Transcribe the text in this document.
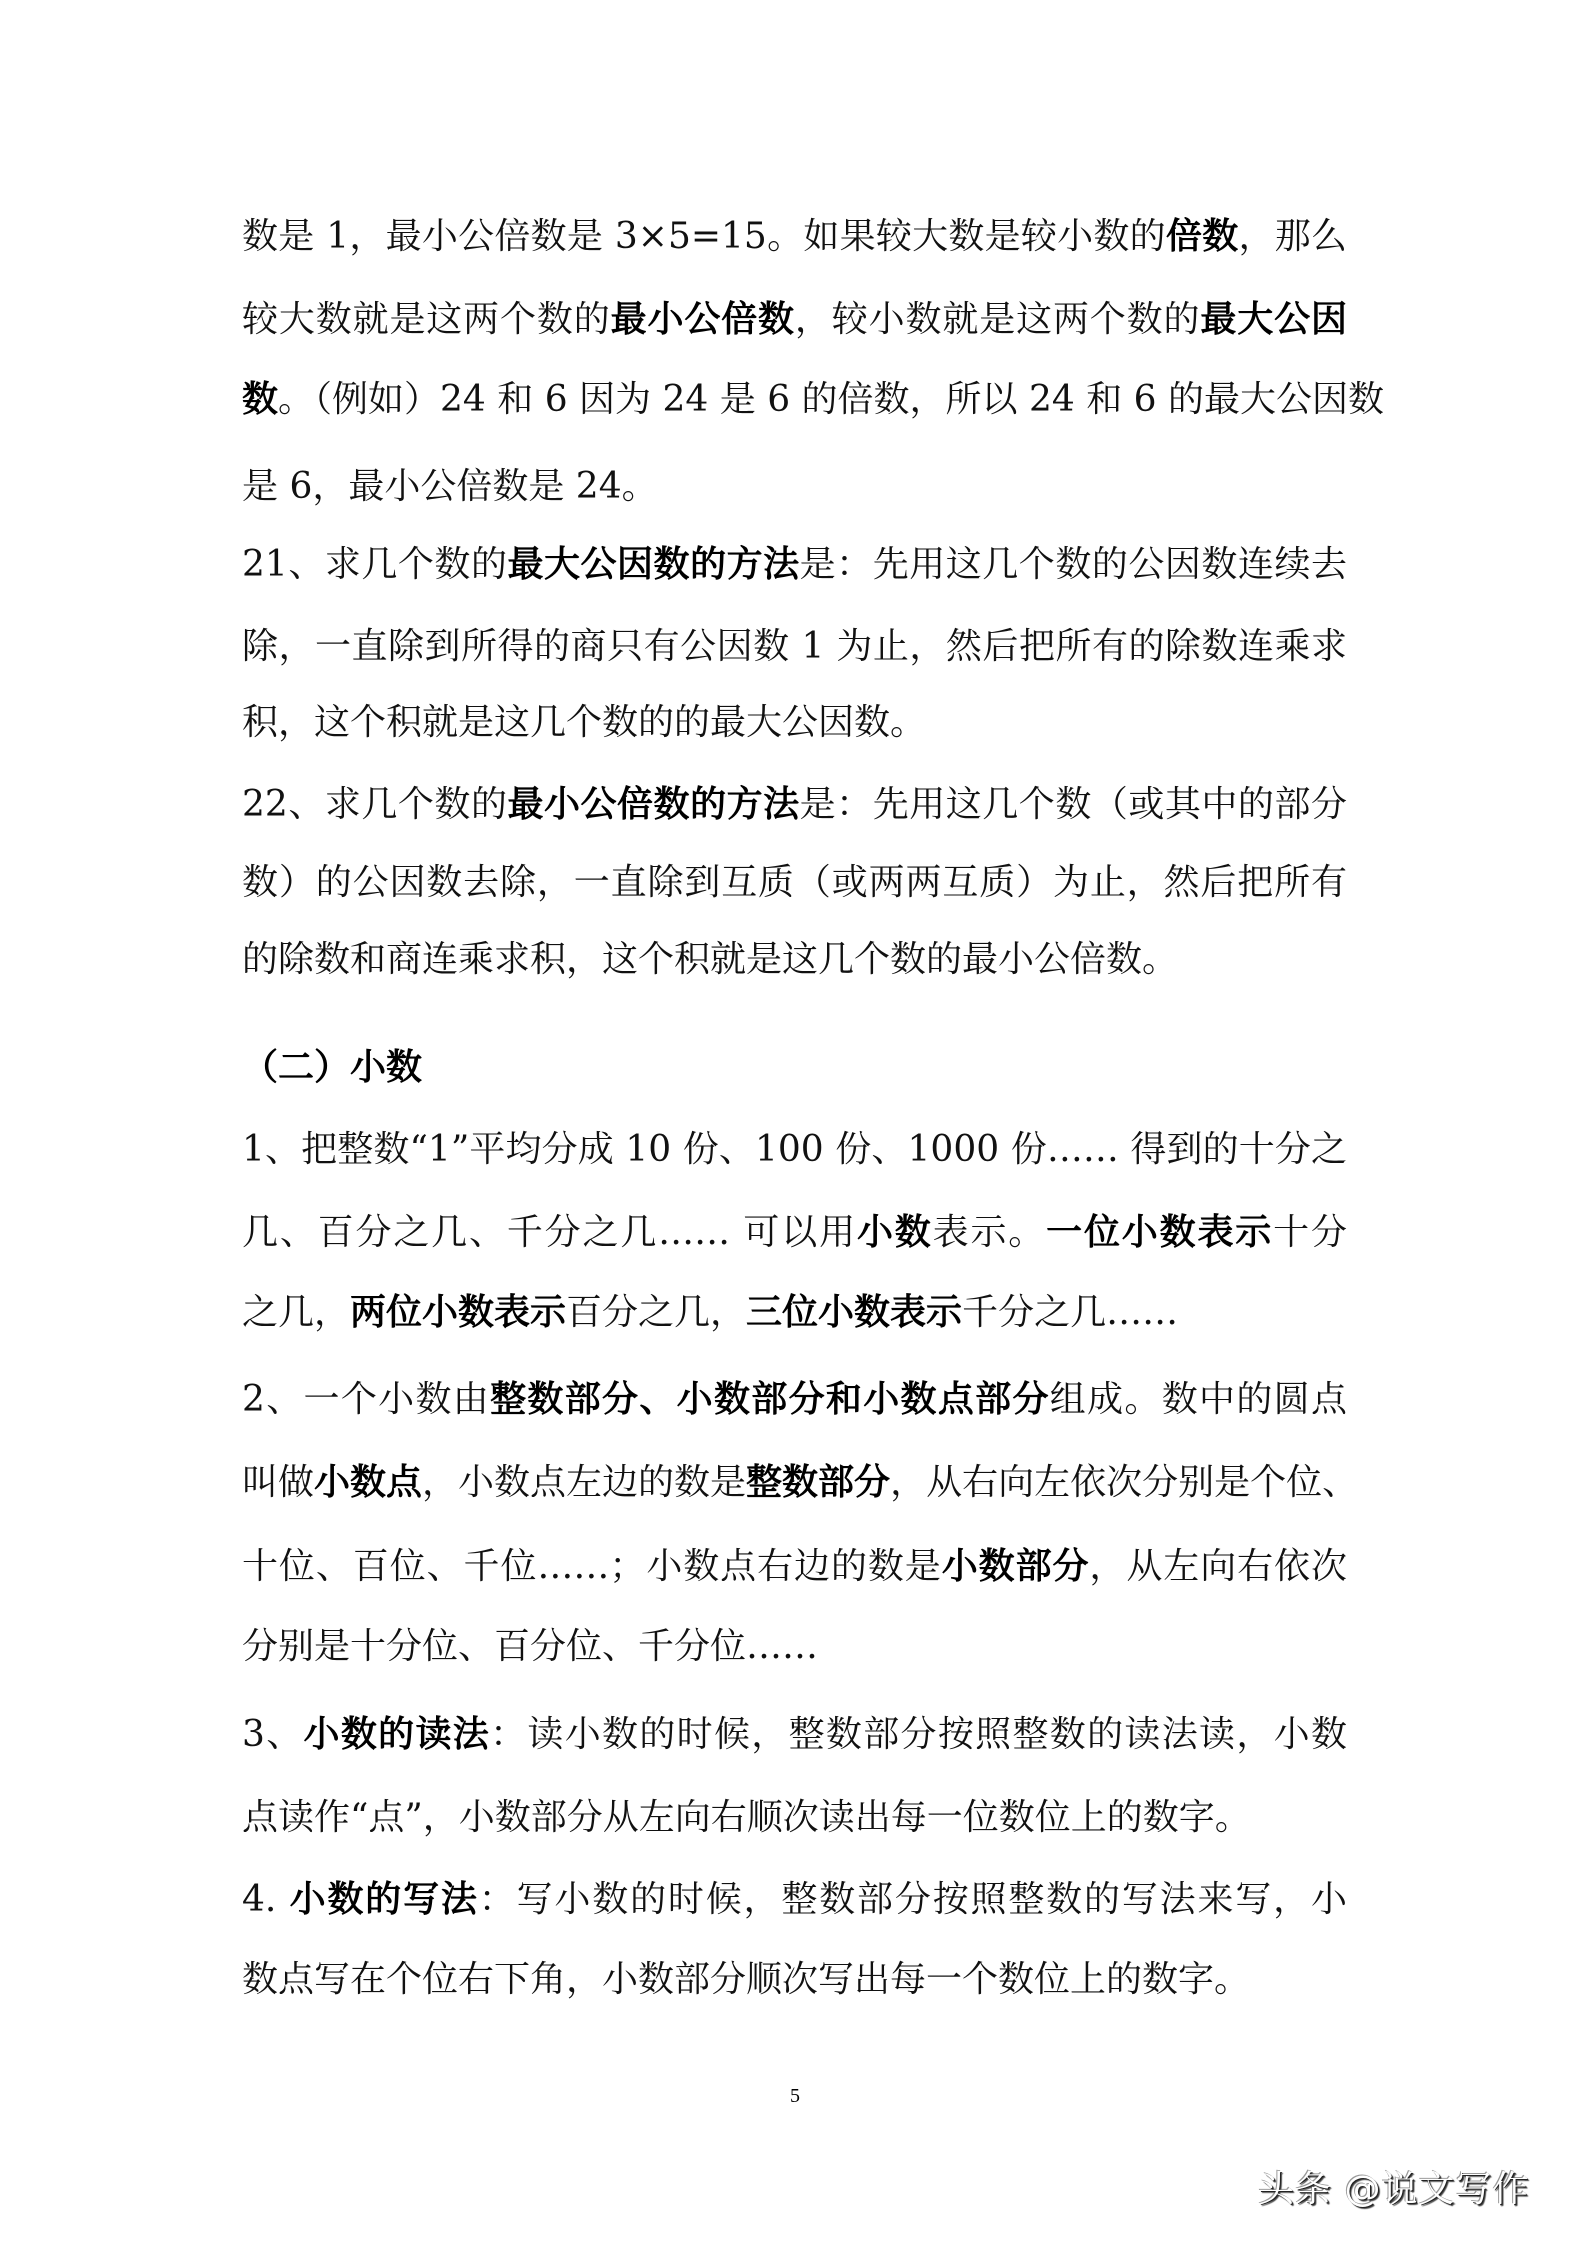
数是 1，最小公倍数是 3×5=15。如果较大数是较小数的倍数，那么
较大数就是这两个数的最小公倍数，较小数就是这两个数的最大公因
数。（例如）24 和 6 因为 24 是 6 的倍数，所以 24 和 6 的最大公因数
是 6，最小公倍数是 24。
21、求几个数的最大公因数的方法是：先用这几个数的公因数连续去
除，一直除到所得的商只有公因数 1 为止，然后把所有的除数连乘求
积，这个积就是这几个数的的最大公因数。
22、求几个数的最小公倍数的方法是：先用这几个数（或其中的部分
数）的公因数去除，一直除到互质（或两两互质）为止，然后把所有
的除数和商连乘求积，这个积就是这几个数的最小公倍数。
（二）小数
1、把整数“1”平均分成 10 份、100 份、1000 份…… 得到的十分之
几、百分之几、千分之几…… 可以用小数表示。一位小数表示十分
之几，两位小数表示百分之几，三位小数表示千分之几……
2、一个小数由整数部分、小数部分和小数点部分组成。数中的圆点
叫做小数点，小数点左边的数是整数部分，从右向左依次分别是个位、
十位、百位、千位……；小数点右边的数是小数部分，从左向右依次
分别是十分位、百分位、千分位……
3、小数的读法：读小数的时候，整数部分按照整数的读法读，小数
点读作“点”，小数部分从左向右顺次读出每一位数位上的数字。
4. 小数的写法：写小数的时候，整数部分按照整数的写法来写，小
数点写在个位右下角，小数部分顺次写出每一个数位上的数字。
5
头条 @说文写作
